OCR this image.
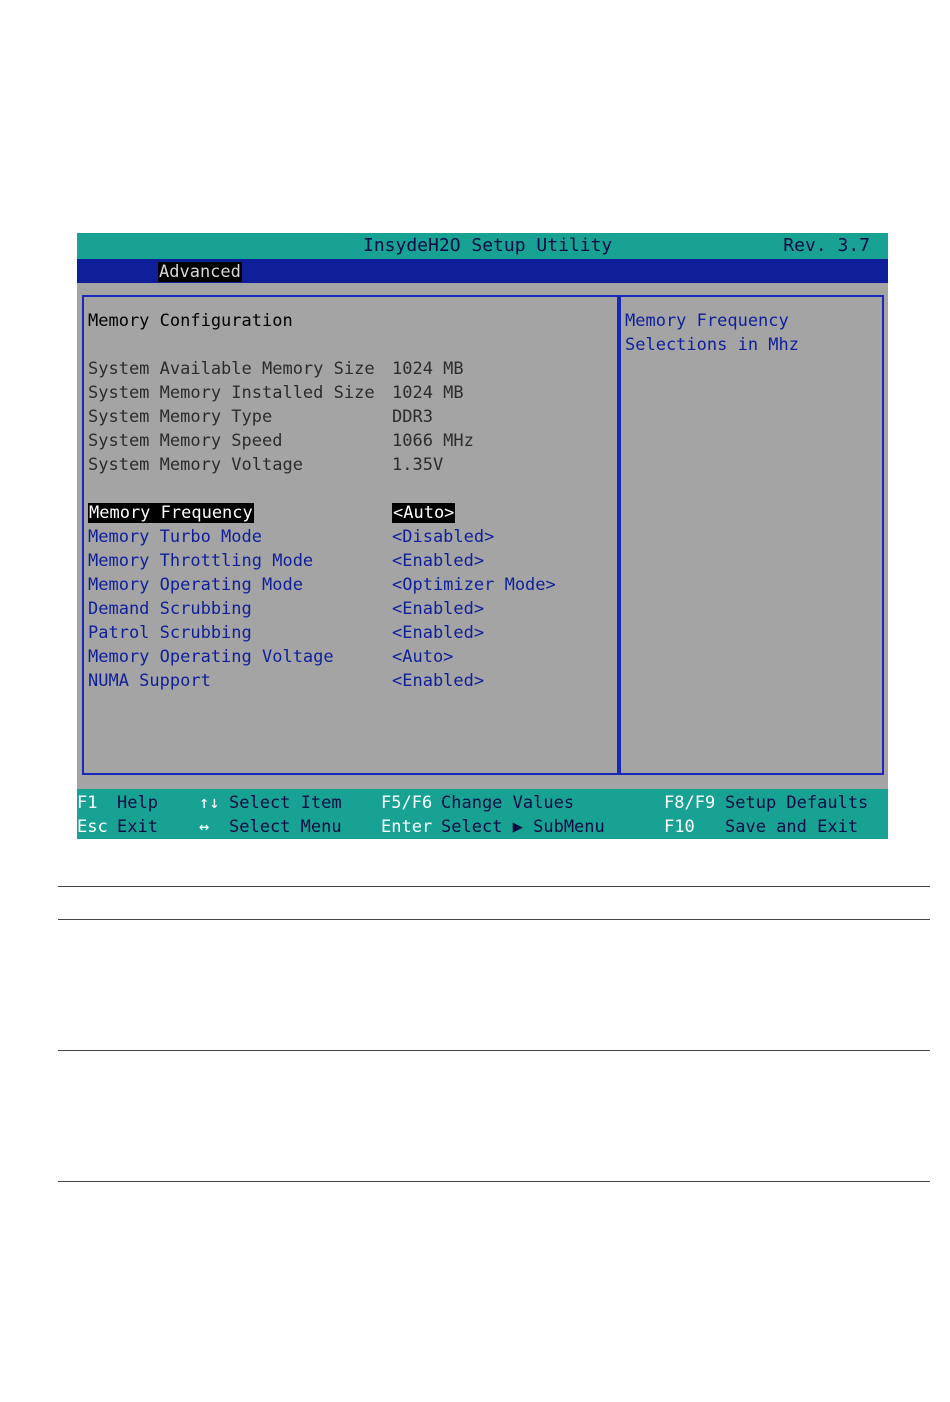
InsydeH2O Setup Utility	Rev. 3.7
Advanced
Memory Configuration
System Available Memory Size 1024 MB
System Memory Installed Size 1024 MB
System Memory Type	DDR3
System Memory Speed	1066 MHz
System Memory Voltage	1.35V
Memory Frequency	<Auto>
Memory Turbo Mode	<Disabled>
Memory Throttling Mode	<Enabled>
Memory Operating Mode	<Optimizer Mode>
Demand Scrubbing	<Enabled>
Patrol Scrubbing	<Enabled>
Memory Operating Voltage	<Auto>
NUMA Support	<Enabled>
Memory Frequency
Selections in Mhz
F1 Help ↑↓ Select Item F5/F6 Change Values	F8/F9 Setup Defaults
Esc Exit ↔ Select Menu Enter Select ▶ SubMenu	F10 Save and Exit
